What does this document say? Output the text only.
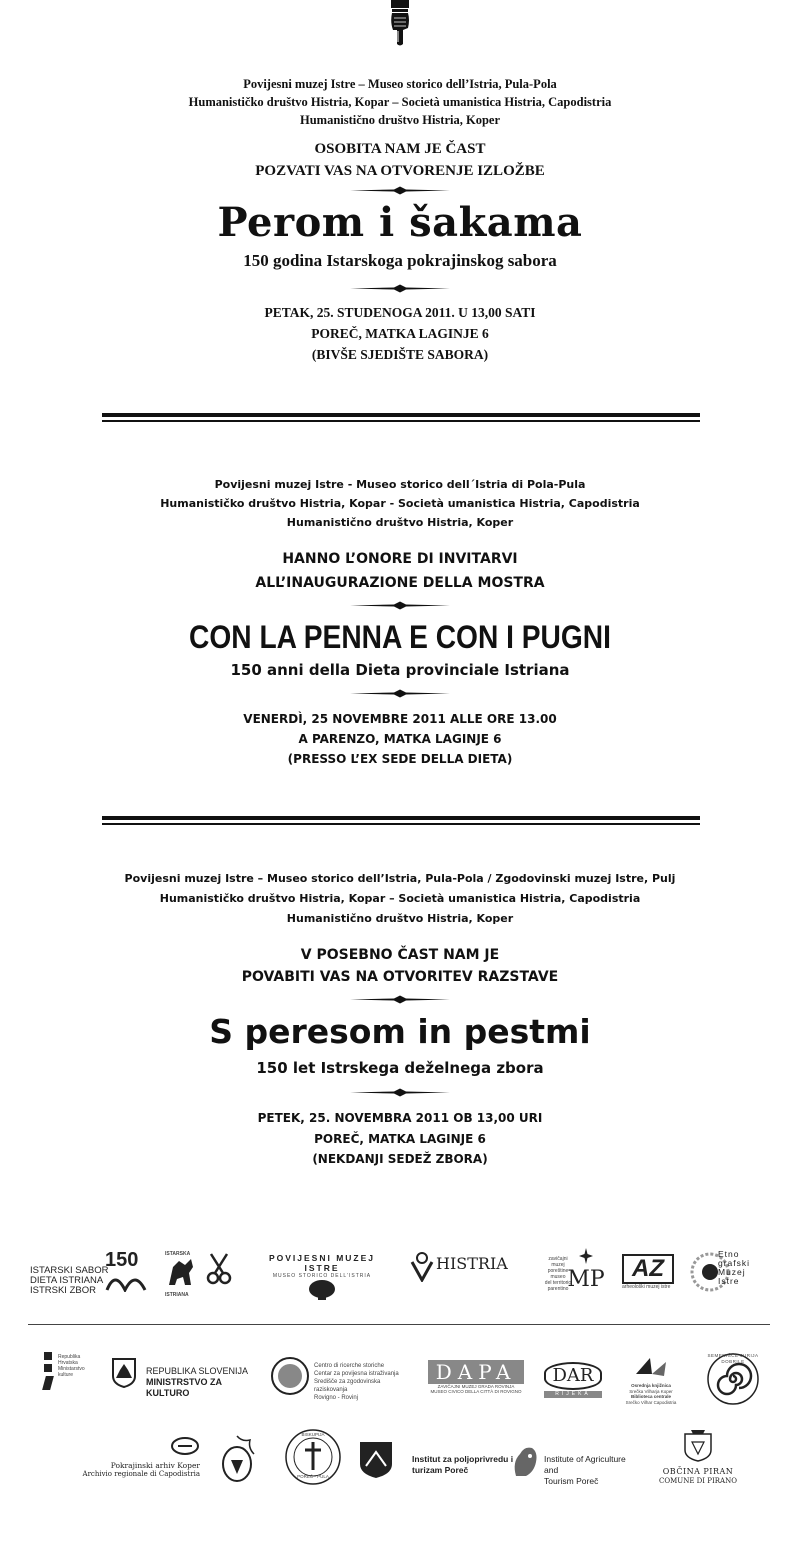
Povijesni muzej Istre – Museo storico dell’Istria, Pula-Pola
Humanističko društvo Histria, Kopar – Società umanistica Histria, Capodistria
Humanistično društvo Histria, Koper
OSOBITA NAM JE ČAST
POZVATI VAS NA OTVORENJE IZLOŽBE
Perom i šakama
150 godina Istarskoga pokrajinskog sabora
PETAK, 25. STUDENOGA 2011. U 13,00 SATI
POREČ, MATKA LAGINJE 6
(BIVŠE SJEDIŠTE SABORA)
Povijesni muzej Istre - Museo storico dell´Istria di Pola-Pula
Humanističko društvo Histria, Kopar - Società umanistica Histria, Capodistria
Humanistično društvo Histria, Koper
HANNO L’ONORE DI INVITARVI
ALL’INAUGURAZIONE DELLA MOSTRA
CON LA PENNA E CON I PUGNI
150 anni della Dieta provinciale Istriana
VENERDÌ, 25 NOVEMBRE 2011 ALLE ORE 13.00
A PARENZO, MATKA LAGINJE 6
(PRESSO L’EX SEDE DELLA DIETA)
Povijesni muzej Istre – Museo storico dell’Istria, Pula-Pola / Zgodovinski muzej Istre, Pulj
Humanističko društvo Histria, Kopar – Società umanistica Histria, Capodistria
Humanistično društvo Histria, Koper
V POSEBNO ČAST NAM JE
POVABITI VAS NA OTVORITEV RAZSTAVE
S peresom in pestmi
150 let Istrskega deželnega zbora
PETEK, 25. NOVEMBRA 2011 OB 13,00 URI
POREČ, MATKA LAGINJE 6
(NEKDANJI SEDEŽ ZBORA)
ISTARSKI SABOR
DIETA ISTRIANA
ISTRSKI ZBOR
150	ISTARSKA
ISTRIANA
POVIJESNI MUZEJ ISTRE
MUSEO STORICO DELL’ISTRIA
HISTRIA	zavičajni
muzej
poreštine
museo
del territorio
parentino
MP	AZ
arheološki muzej istre
Etno
grafski
Muzej
Istre
Republika
Hrvatska
Ministarstvo
kulture	REPUBLIKA SLOVENIJA
MINISTRSTVO ZA KULTURO
Centro di ricerche storiche
Centar za povijesna istraživanja
Središče za zgodovinska raziskovanja
Rovigno - Rovinj
DAPA
ZAVIČAJNI MUZEJ GRADA ROVINJA
MUSEO CIVICO DELLA CITTÀ DI ROVIGNO
DAR
RIJEKA
Osrednja knjižnica
Srečka Vilharja Koper
Biblioteca centrale
Srečko Vilhar Capodistria
SEMENIŠČE JURIJA DOBRILE
Pokrajinski arhiv Koper
Archivio regionale di Capodistria
BISKUPIJA
POREČ - PULA
Institut za poljoprivredu i
turizam Poreč
Institute of Agriculture and
Tourism Poreč
OBČINA PIRAN
COMUNE DI PIRANO
